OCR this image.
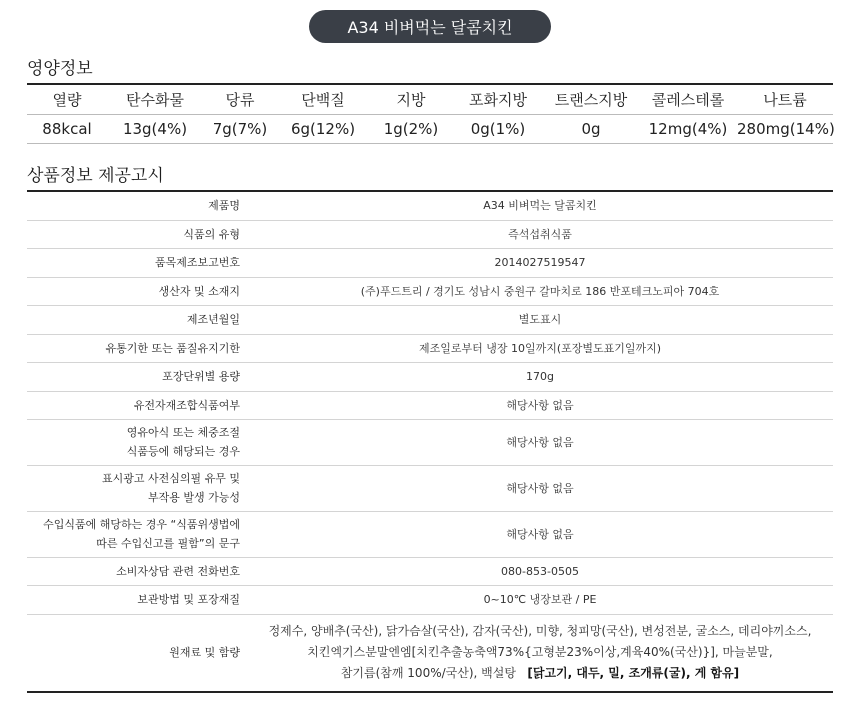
A34 비벼먹는 달콤치킨
영양정보
열량	탄수화물	당류	단백질	지방	포화지방	트랜스지방	콜레스테롤	나트륨
88kcal	13g(4%)	7g(7%)	6g(12%)	1g(2%)	0g(1%)	0g	12mg(4%)	280mg(14%)
상품정보 제공고시
제품명	A34 비벼먹는 달콤치킨
식품의 유형	즉석섭취식품
품목제조보고번호	2014027519547
생산자 및 소재지	(주)푸드트리 / 경기도 성남시 중원구 갈마치로 186 반포테크노피아 704호
제조년월일	별도표시
유통기한 또는 품질유지기한	제조일로부터 냉장 10일까지(포장별도표기일까지)
포장단위별 용량	170g
유전자재조합식품여부	해당사항 없음

영유아식 또는 체중조절
식품등에 해당되는 경우	해당사항 없음

표시광고 사전심의필 유무 및
부작용 발생 가능성	해당사항 없음

수입식품에 해당하는 경우 “식품위생법에
따른 수입신고를 필함”의 문구	해당사항 없음
소비자상담 관련 전화번호	080-853-0505
보관방법 및 포장재질	0~10℃ 냉장보관 / PE
원재료 및 함량	정제수, 양배추(국산), 닭가슴살(국산), 감자(국산), 미향, 청피망(국산), 변성전분, 굴소스, 데리야끼소스,
치킨엑기스분말엔엠[치킨추출농축액73%{고형분23%이상,계육40%(국산)}], 마늘분말,
참기름(참깨 100%/국산), 백설탕 [닭고기, 대두, 밀, 조개류(굴), 게 함유]
